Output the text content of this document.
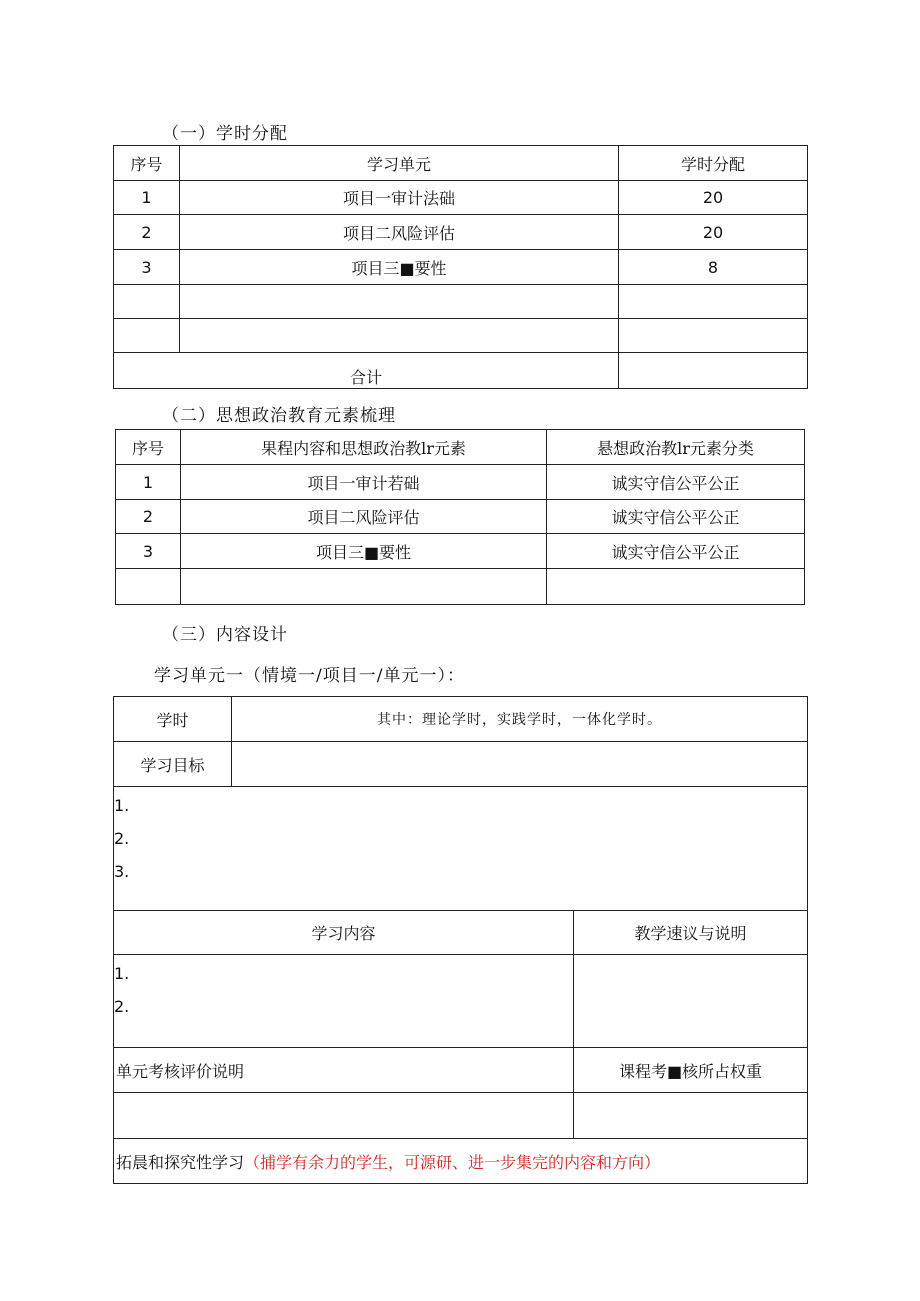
（一）学时分配
序号	学习单元	学时分配
1	项目一审计法础	20
2	项目二风险评估	20
3	项目三■要性	8

合计		
（二）思想政治教育元素梳理
序号	果程内容和思想政治教lr元素	悬想政治教lr元素分类
1	项目一审计若础	诚实守信公平公正
2	项目二风险评估	诚实守信公平公正
3	项目三■要性	诚实守信公平公正

（三）内容设计
学习单元一（情境一/项目一/单元一）：
学时	其中：理论学时，实践学时，一体化学时。
学习目标	

1.
2.
3.	
学习内容	教学速议与说明

1.
2.	

单元考核评价说明	课程考■核所占权重

拓晨和探究性学习（捕学有余力的学生，可源研、进一步集完的内容和方向）	
